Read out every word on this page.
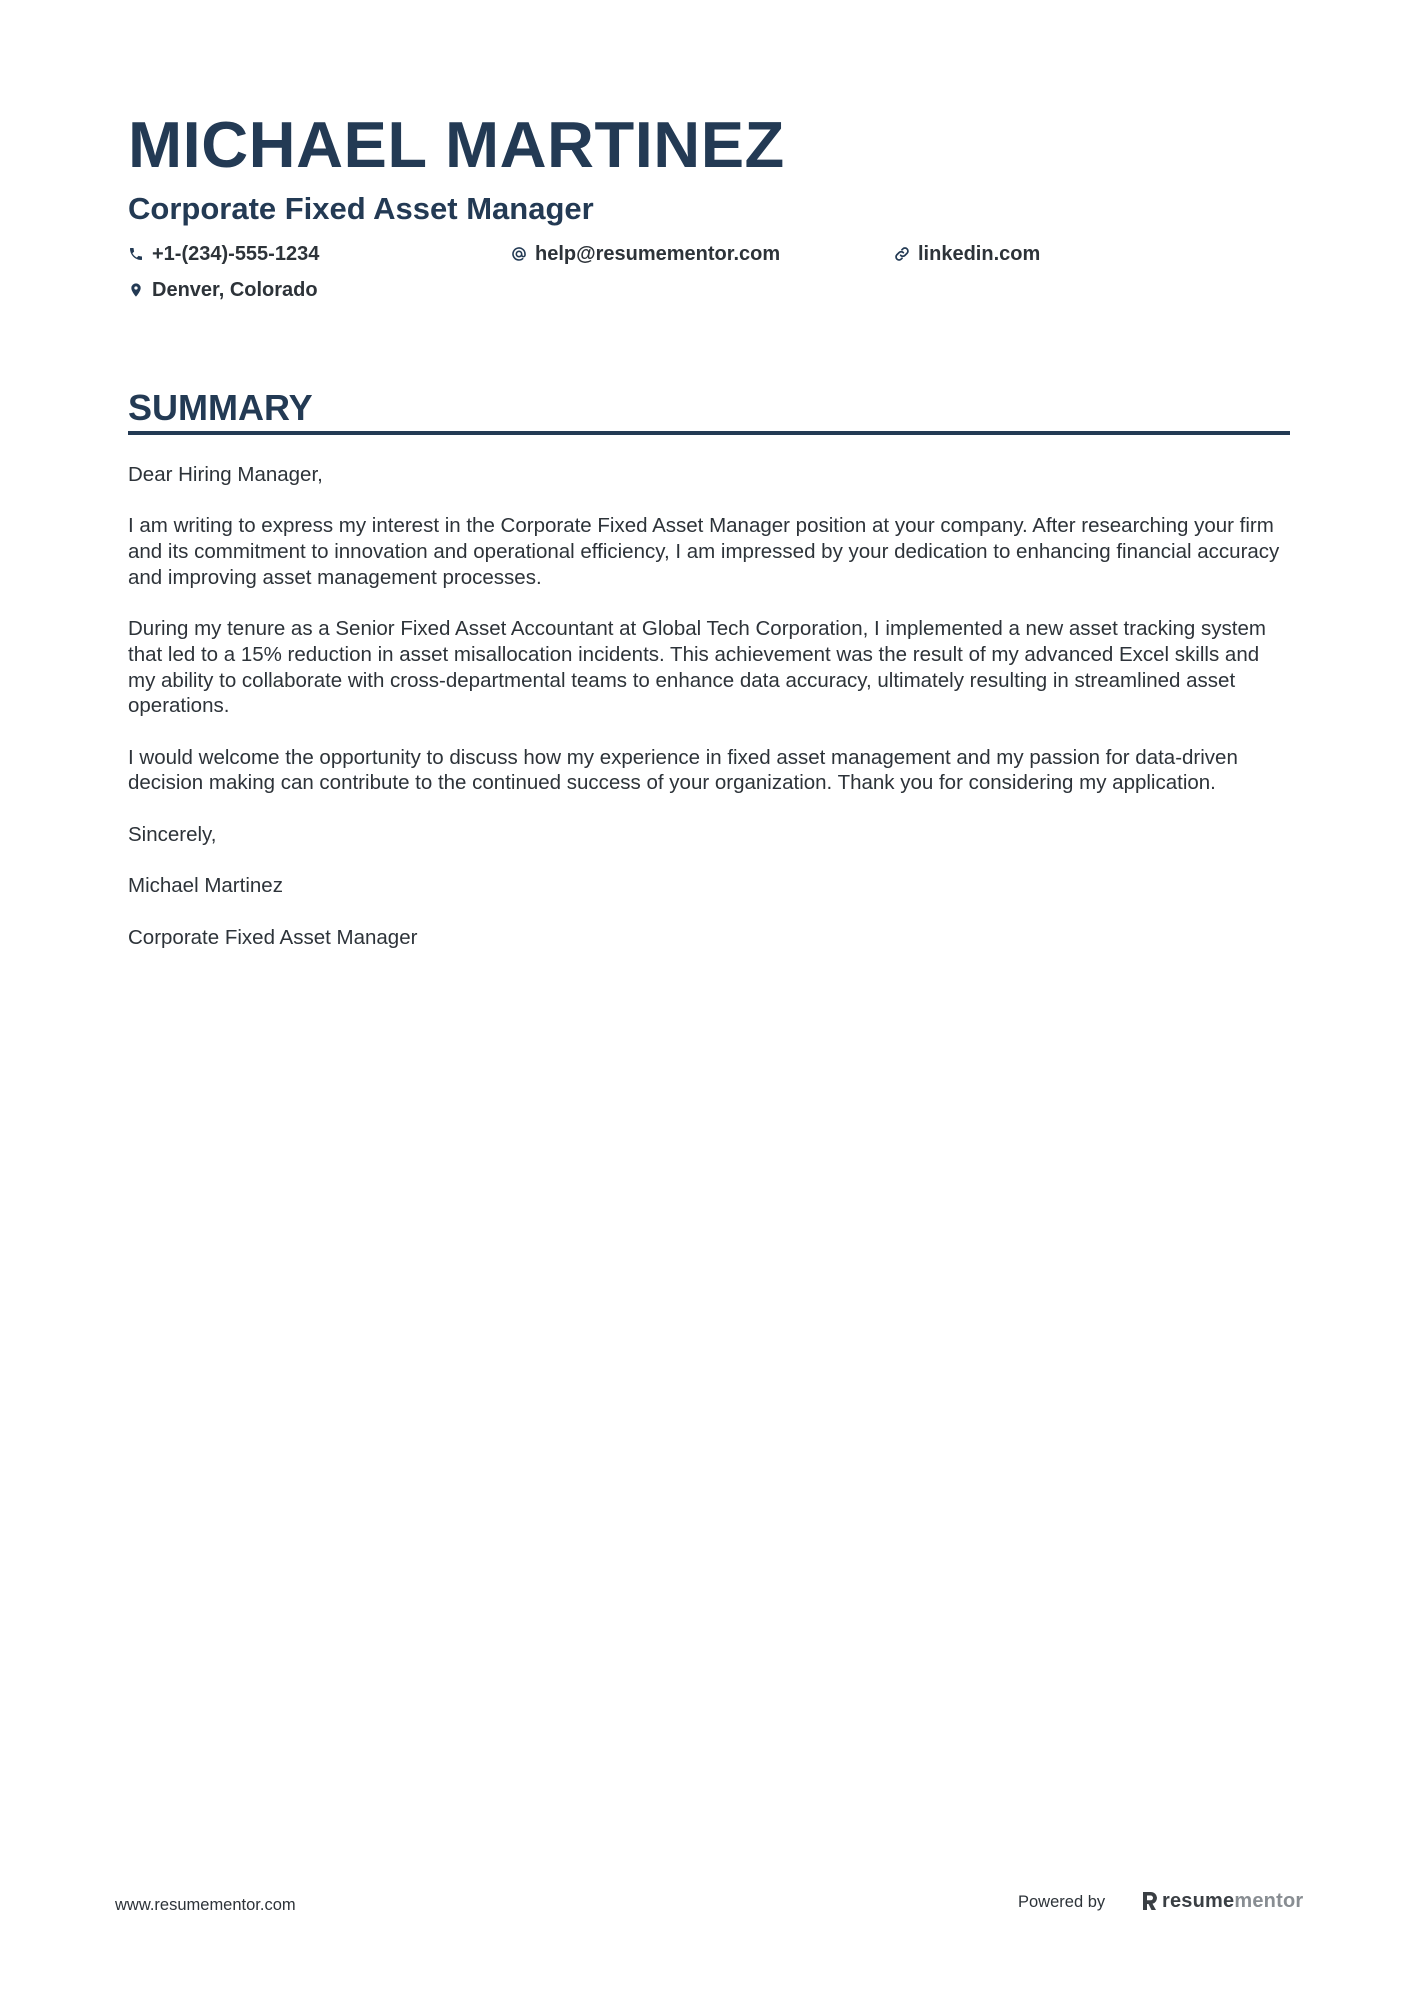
MICHAEL MARTINEZ
Corporate Fixed Asset Manager
+1-(234)-555-1234	help@resumementor.com	linkedin.com
Denver, Colorado
SUMMARY

Dear Hiring Manager,

I am writing to express my interest in the Corporate Fixed Asset Manager position at your company. After researching your firm and its commitment to innovation and operational efficiency, I am impressed by your dedication to enhancing financial accuracy and improving asset management processes.

During my tenure as a Senior Fixed Asset Accountant at Global Tech Corporation, I implemented a new asset tracking system that led to a 15% reduction in asset misallocation incidents. This achievement was the result of my advanced Excel skills and my ability to collaborate with cross-departmental teams to enhance data accuracy, ultimately resulting in streamlined asset operations.

I would welcome the opportunity to discuss how my experience in fixed asset management and my passion for data-driven decision making can contribute to the continued success of your organization. Thank you for considering my application.

Sincerely,

Michael Martinez

Corporate Fixed Asset Manager

www.resumementor.com	Powered by	resumementor
